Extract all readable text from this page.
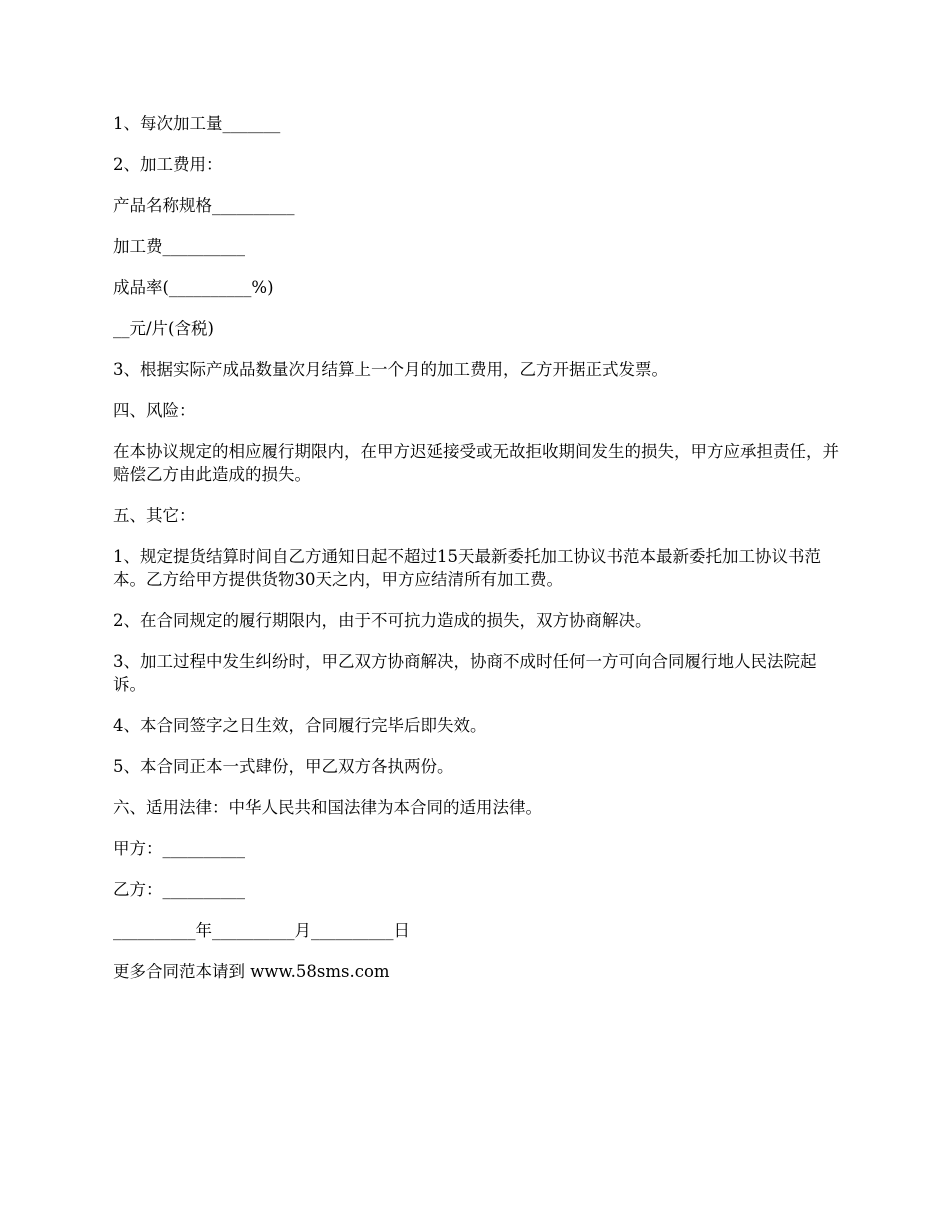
1、每次加工量_______

2、加工费用：

产品名称规格__________

加工费__________

成品率(__________%)

__元/片(含税)

3、根据实际产成品数量次月结算上一个月的加工费用，乙方开据正式发票。

四、风险：

在本协议规定的相应履行期限内，在甲方迟延接受或无故拒收期间发生的损失，甲方应承担责任，并赔偿乙方由此造成的损失。

五、其它：

1、规定提货结算时间自乙方通知日起不超过15天最新委托加工协议书范本最新委托加工协议书范本。乙方给甲方提供货物30天之内，甲方应结清所有加工费。

2、在合同规定的履行期限内，由于不可抗力造成的损失，双方协商解决。

3、加工过程中发生纠纷时，甲乙双方协商解决，协商不成时任何一方可向合同履行地人民法院起诉。

4、本合同签字之日生效，合同履行完毕后即失效。

5、本合同正本一式肆份，甲乙双方各执两份。

六、适用法律：中华人民共和国法律为本合同的适用法律。

甲方：__________

乙方：__________

__________年__________月__________日

更多合同范本请到 www.58sms.com
